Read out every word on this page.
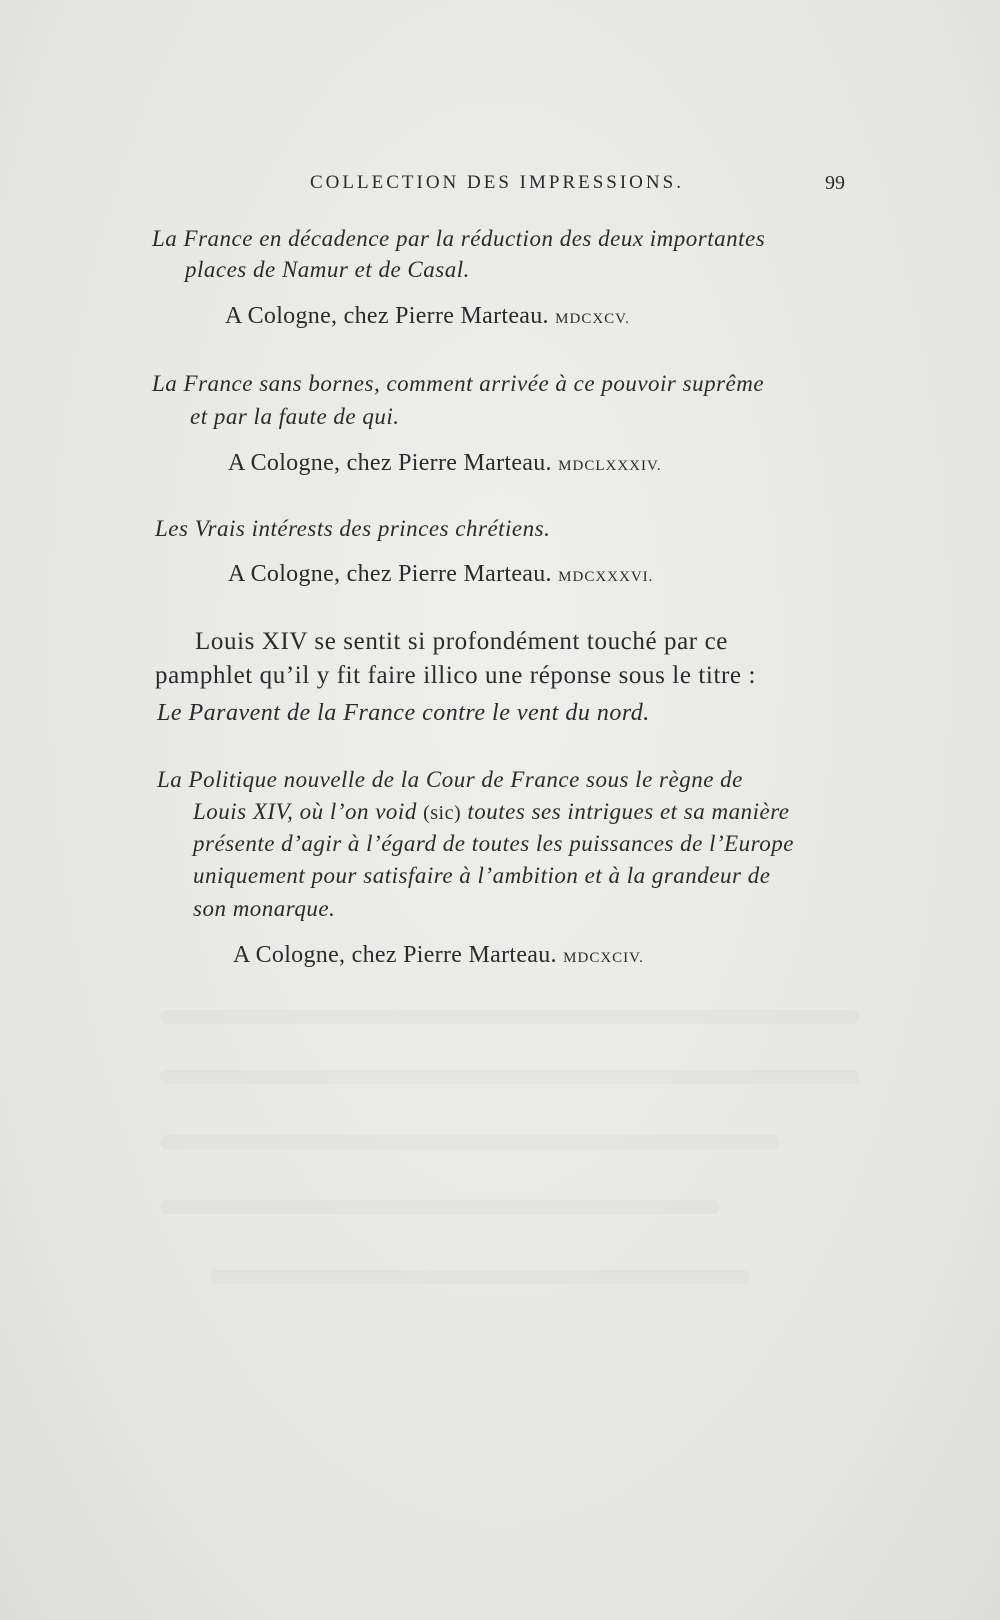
COLLECTION DES IMPRESSIONS.	99
La France en décadence par la réduction des deux importantes
places de Namur et de Casal.
A Cologne, chez Pierre Marteau. MDCXCV.
La France sans bornes, comment arrivée à ce pouvoir suprême
et par la faute de qui.
A Cologne, chez Pierre Marteau. MDCLXXXIV.
Les Vrais intérests des princes chrétiens.
A Cologne, chez Pierre Marteau. MDCXXXVI.
Louis XIV se sentit si profondément touché par ce
pamphlet qu’il y fit faire illico une réponse sous le titre :
Le Paravent de la France contre le vent du nord.
La Politique nouvelle de la Cour de France sous le règne de
Louis XIV, où l’on void (sic) toutes ses intrigues et sa manière
présente d’agir à l’égard de toutes les puissances de l’Europe
uniquement pour satisfaire à l’ambition et à la grandeur de
son monarque.
A Cologne, chez Pierre Marteau. MDCXCIV.
